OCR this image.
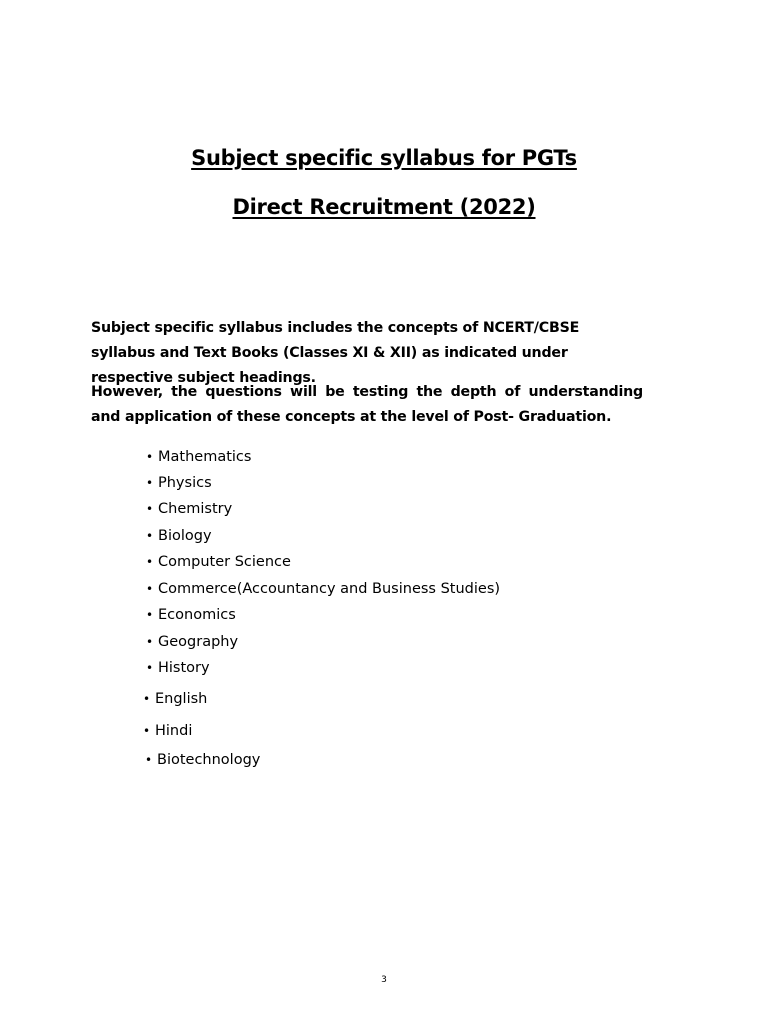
Subject specific syllabus for PGTs
Direct Recruitment (2022)
Subject specific syllabus includes the concepts of NCERT/CBSE syllabus and Text Books (Classes XI & XII) as indicated under respective subject headings.
However, the questions will be testing the depth of understanding and application of these concepts at the level of Post- Graduation.
• Mathematics
• Physics
• Chemistry
• Biology
• Computer Science
• Commerce(Accountancy and Business Studies)
• Economics
• Geography
• History
• English
• Hindi
• Biotechnology
3
